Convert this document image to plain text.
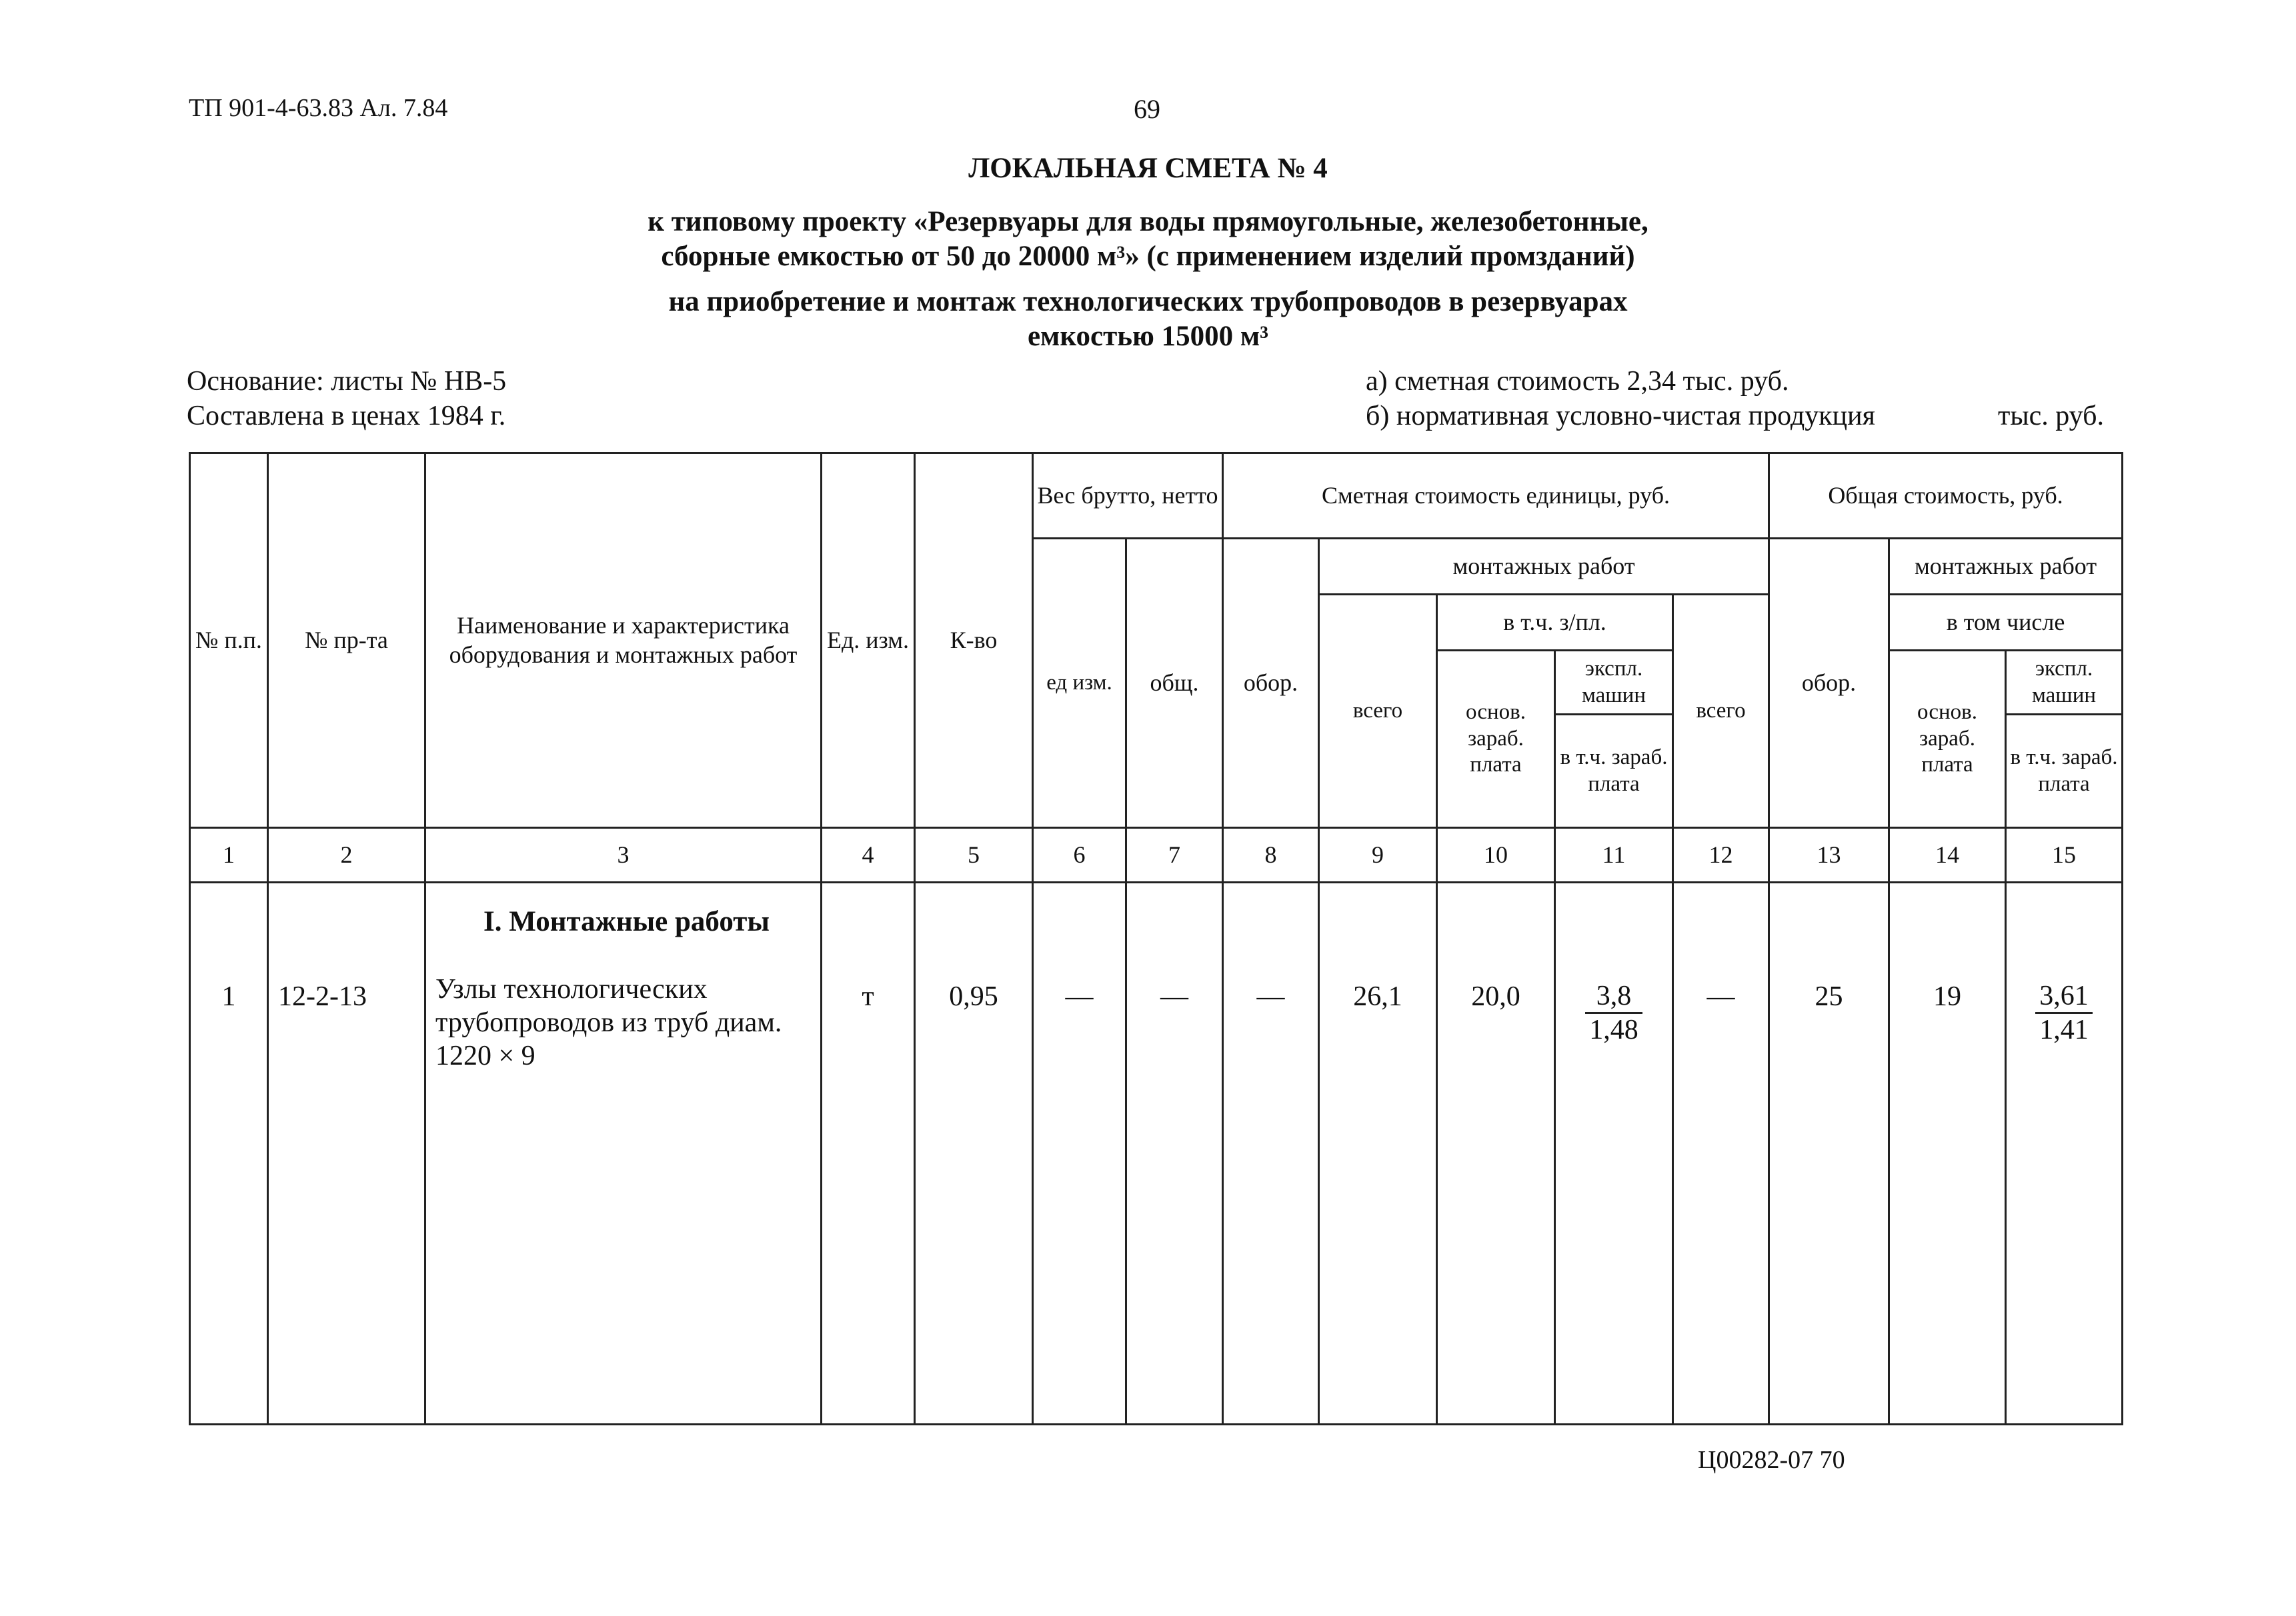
ТП 901-4-63.83 Ал. 7.84	69
ЛОКАЛЬНАЯ СМЕТА № 4
к типовому проекту «Резервуары для воды прямоугольные, железобетонные,
сборные емкостью от 50 до 20000 м³» (с применением изделий промзданий)
на приобретение и монтаж технологических трубопроводов в резервуарах
емкостью 15000 м³
Основание: листы № НВ-5
Составлена в ценах 1984 г.
а) сметная стоимость 2,34 тыс. руб.
б) нормативная условно-чистая продукция	тыс. руб.
№ п.п.	№ пр-та	Наименование и характеристика оборудования и монтажных работ	Ед. изм.	К-во	Вес брутто, нетто		Сметная стоимость единицы, руб.					Общая стоимость, руб.		
					ед изм.	общ.	обор.	монтажных работ				обор.	монтажных работ	
								всего	в т.ч. з/пл.		всего		в том числе	
									основ. зараб. плата	экспл. машин			основ. зараб. плата	экспл. машин
										в т.ч. зараб. плата				в т.ч. зараб. плата
1	2	3	4	5	6	7	8	9	10	11	12	13	14	15
1	12-2-13	I. Монтажные работы
Узлы технологических трубопроводов из труб диам. 1220 × 9	т	0,95	—	—	—	26,1	20,0	$\frac{3,8}{1,48}$	—	25	19	$\frac{3,61}{1,41}$
Ц00282-07 70
